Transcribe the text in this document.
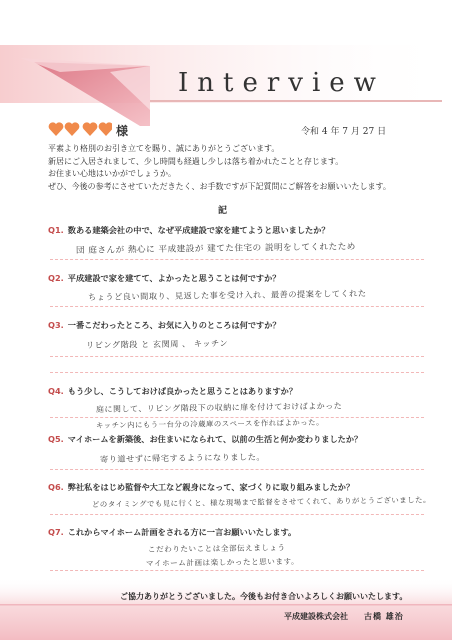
Interview
様	令和 4 年 7 月 27 日

平素より格別のお引き立てを賜り、誠にありがとうございます。

新居にご入居されまして、少し時間も経過し少しは落ち着かれたことと存じます。

お住まい心地はいかがでしょうか。

ぜひ、今後の参考にさせていただきたく、お手数ですが下記質問にご解答をお願いいたします。

記
Q1. 数ある建築会社の中で、なぜ平成建設で家を建てようと思いましたか？
団 庭さんが 熱心に 平成建設が 建てた住宅の 説明をしてくれたため
Q2. 平成建設で家を建てて、よかったと思うことは何ですか？
ちょうど良い間取り、見返した事を受け入れ、最善の提案をしてくれた
Q3. 一番こだわったところ、お気に入りのところは何ですか？
リビング階段 と 玄関周 、 キッチン
Q4. もう少し、こうしておけば良かったと思うことはありますか？
庭に関して、リビング階段下の収納に扉を付けておけばよかった
キッチン内にもう一台分の冷蔵庫のスペースを作ればよかった。
Q5. マイホームを新築後、お住まいになられて、以前の生活と何か変わりましたか？
寄り道せずに帰宅するようになりました。
Q6. 弊社私をはじめ監督や大工など親身になって、家づくりに取り組みましたか？
どのタイミングでも見に行くと、様な現場まで監督をさせてくれて、ありがとうございました。
Q7. これからマイホーム計画をされる方に一言お願いいたします。
こだわりたいことは全部伝えましょう
マイホーム計画は楽しかったと思います。
ご協力ありがとうございました。今後もお付き合いよろしくお願いいたします。
平成建設株式会社 古橋 雄治
